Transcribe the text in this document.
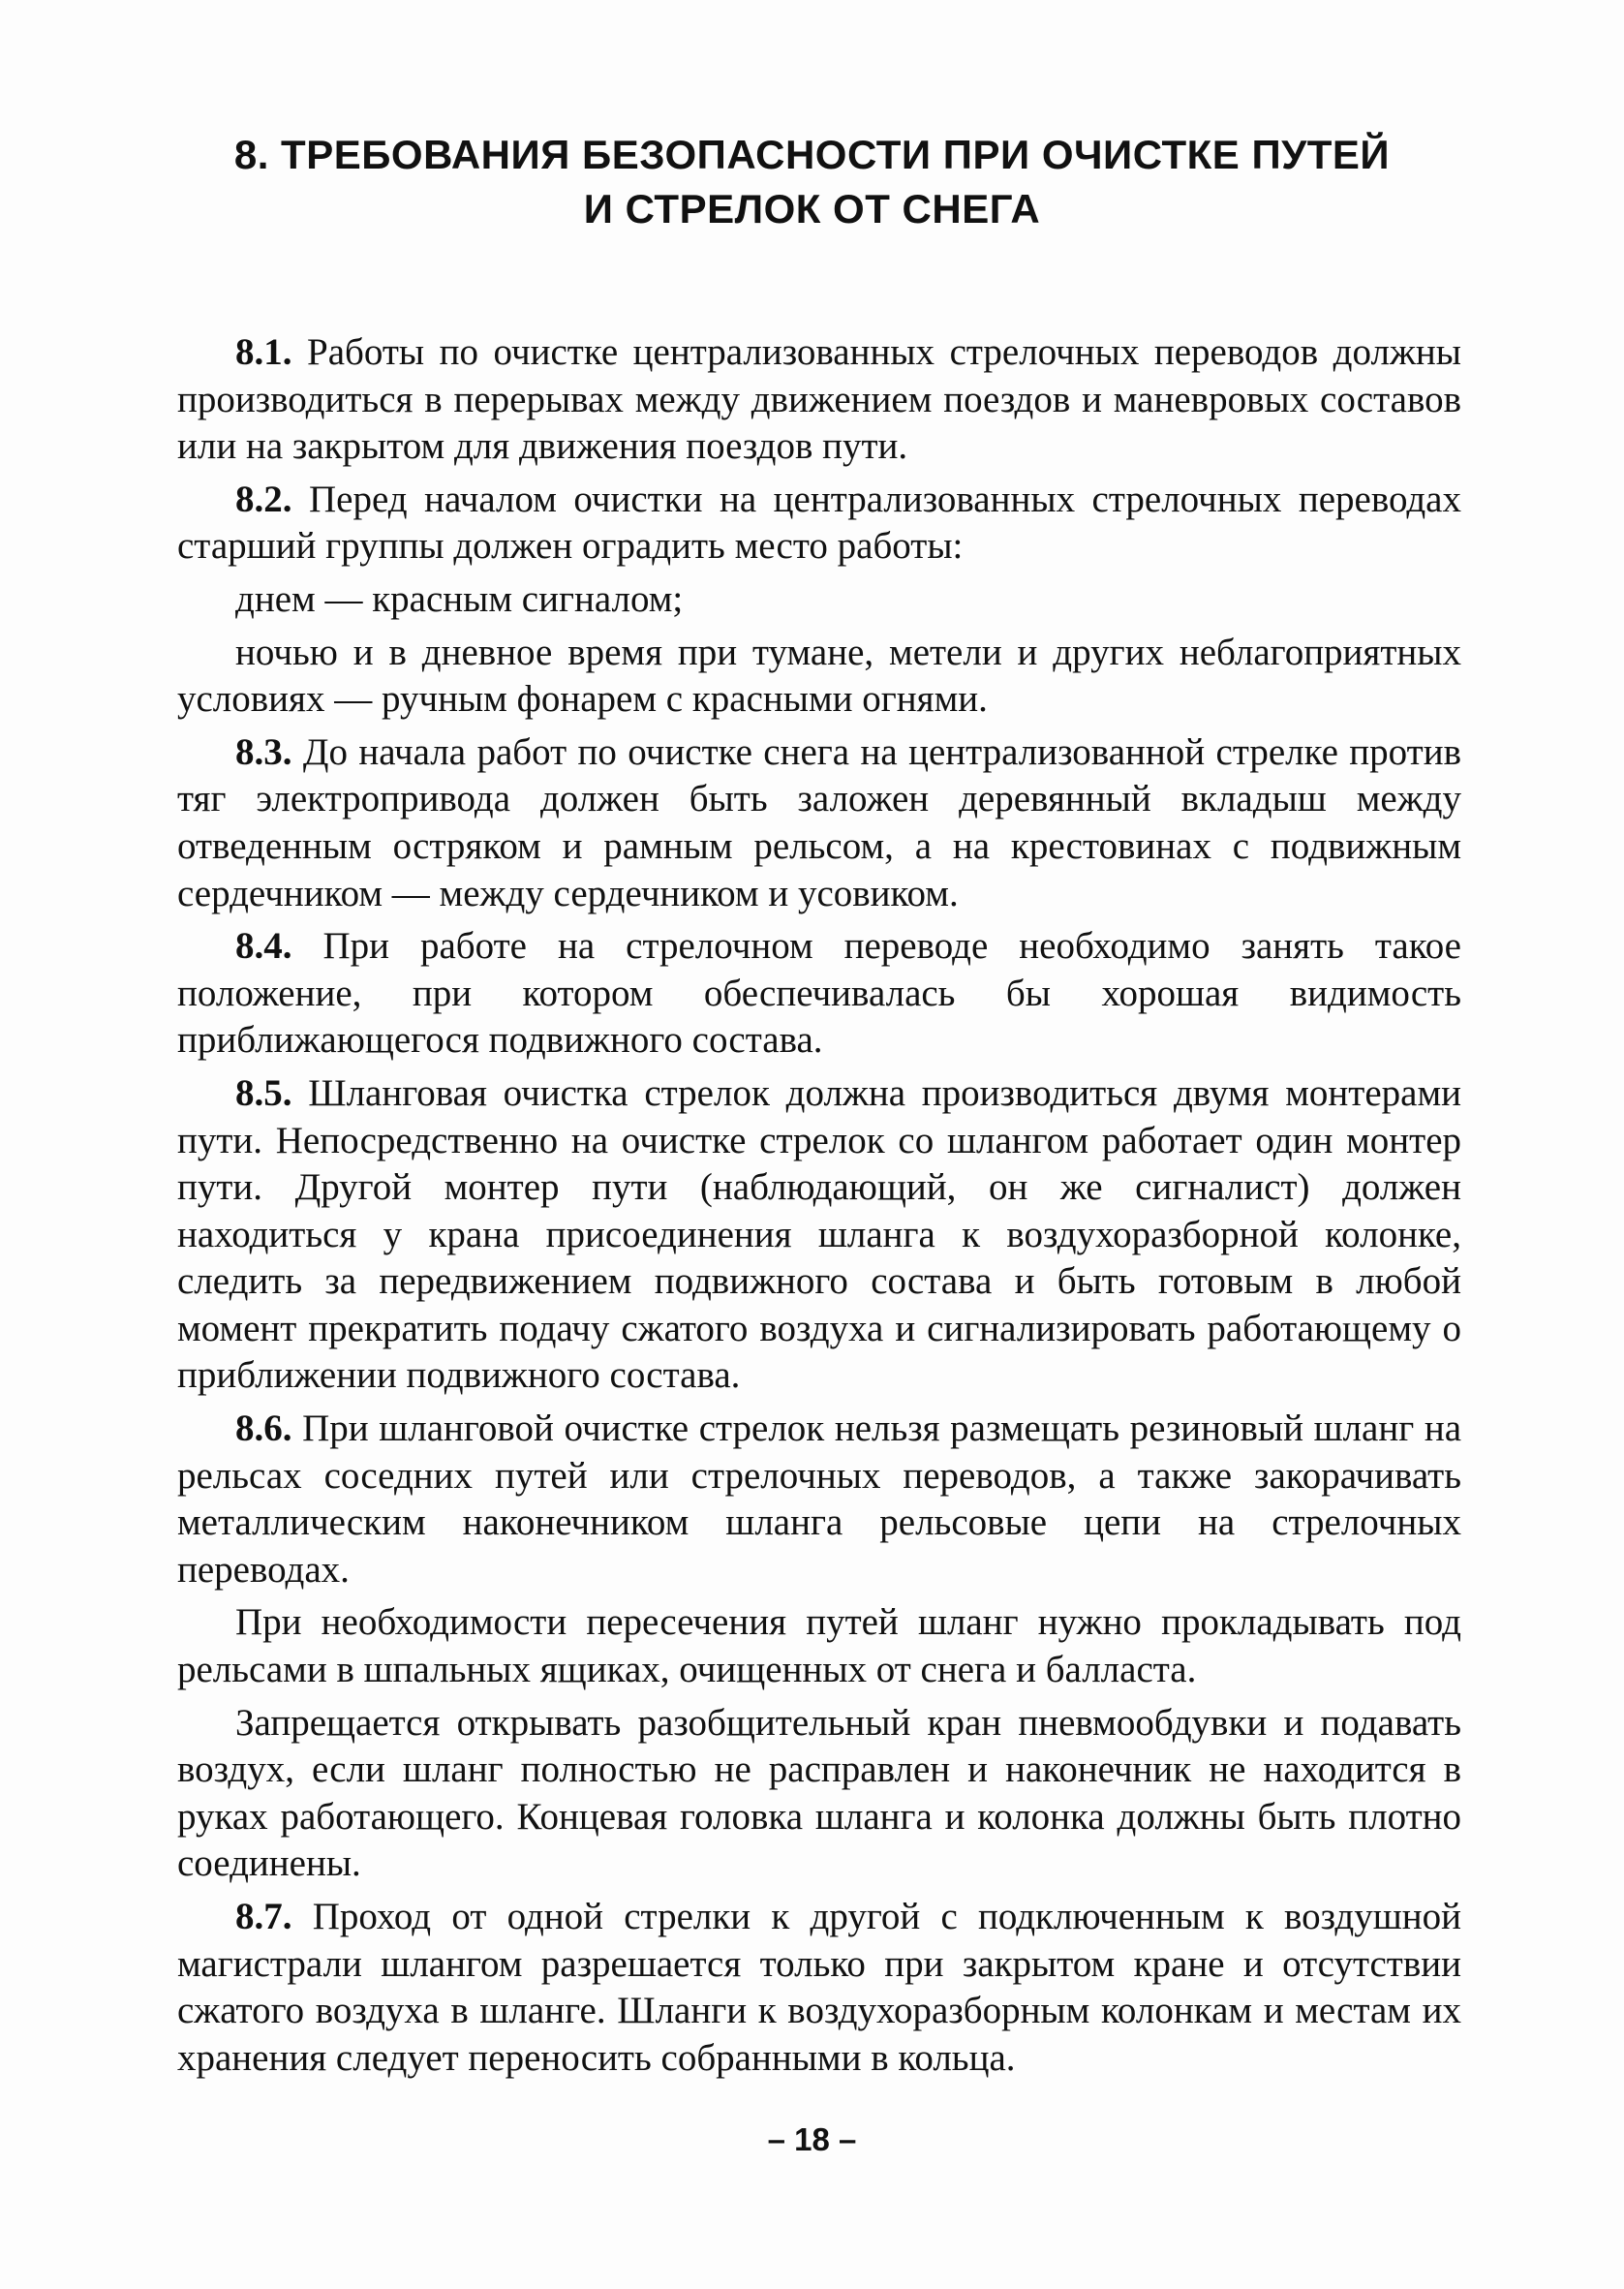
8. ТРЕБОВАНИЯ БЕЗОПАСНОСТИ ПРИ ОЧИСТКЕ ПУТЕЙ
И СТРЕЛОК ОТ СНЕГА

8.1. Работы по очистке централизованных стрелочных переводов должны производиться в перерывах между движением поездов и маневровых составов или на закрытом для движения поездов пути.

8.2. Перед началом очистки на централизованных стрелочных переводах старший группы должен оградить место работы:

днем — красным сигналом;

ночью и в дневное время при тумане, метели и других неблагоприятных условиях — ручным фонарем с красными огнями.

8.3. До начала работ по очистке снега на централизованной стрелке против тяг электропривода должен быть заложен деревянный вкладыш между отведенным остряком и рамным рельсом, а на крестовинах с подвижным сердечником — между сердечником и усовиком.

8.4. При работе на стрелочном переводе необходимо занять такое положение, при котором обеспечивалась бы хорошая видимость приближающегося подвижного состава.

8.5. Шланговая очистка стрелок должна производиться двумя монтерами пути. Непосредственно на очистке стрелок со шлангом работает один монтер пути. Другой монтер пути (наблюдающий, он же сигналист) должен находиться у крана присоединения шланга к воздухоразборной колонке, следить за передвижением подвижного состава и быть готовым в любой момент прекратить подачу сжатого воздуха и сигнализировать работающему о приближении подвижного состава.

8.6. При шланговой очистке стрелок нельзя размещать резиновый шланг на рельсах соседних путей или стрелочных переводов, а также закорачивать металлическим наконечником шланга рельсовые цепи на стрелочных переводах.

При необходимости пересечения путей шланг нужно прокладывать под рельсами в шпальных ящиках, очищенных от снега и балласта.

Запрещается открывать разобщительный кран пневмообдувки и подавать воздух, если шланг полностью не расправлен и наконечник не находится в руках работающего. Концевая головка шланга и колонка должны быть плотно соединены.

8.7. Проход от одной стрелки к другой с подключенным к воздушной магистрали шлангом разрешается только при закрытом кране и отсутствии сжатого воздуха в шланге. Шланги к воздухоразборным колонкам и местам их хранения следует переносить собранными в кольца.

– 18 –
